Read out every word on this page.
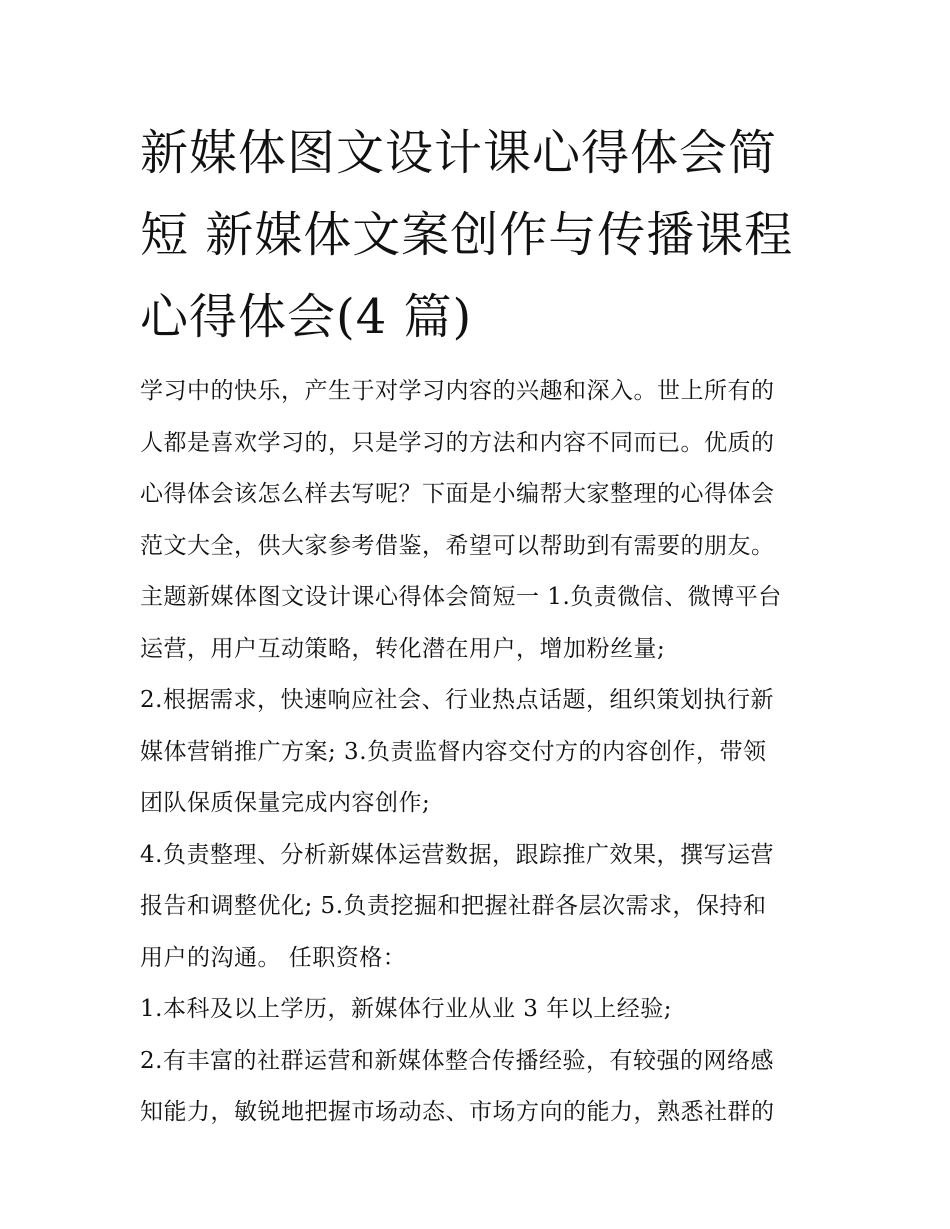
新媒体图文设计课心得体会简
短 新媒体文案创作与传播课程
心得体会(4 篇)
学习中的快乐，产生于对学习内容的兴趣和深入。世上所有的
人都是喜欢学习的，只是学习的方法和内容不同而已。优质的
心得体会该怎么样去写呢？下面是小编帮大家整理的心得体会
范文大全，供大家参考借鉴，希望可以帮助到有需要的朋友。
主题新媒体图文设计课心得体会简短一 1.负责微信、微博平台
运营，用户互动策略，转化潜在用户，增加粉丝量;
2.根据需求，快速响应社会、行业热点话题，组织策划执行新
媒体营销推广方案; 3.负责监督内容交付方的内容创作，带领
团队保质保量完成内容创作;
4.负责整理、分析新媒体运营数据，跟踪推广效果，撰写运营
报告和调整优化; 5.负责挖掘和把握社群各层次需求，保持和
用户的沟通。 任职资格：
1.本科及以上学历，新媒体行业从业 3 年以上经验;
2.有丰富的社群运营和新媒体整合传播经验，有较强的网络感
知能力，敏锐地把握市场动态、市场方向的能力，熟悉社群的
